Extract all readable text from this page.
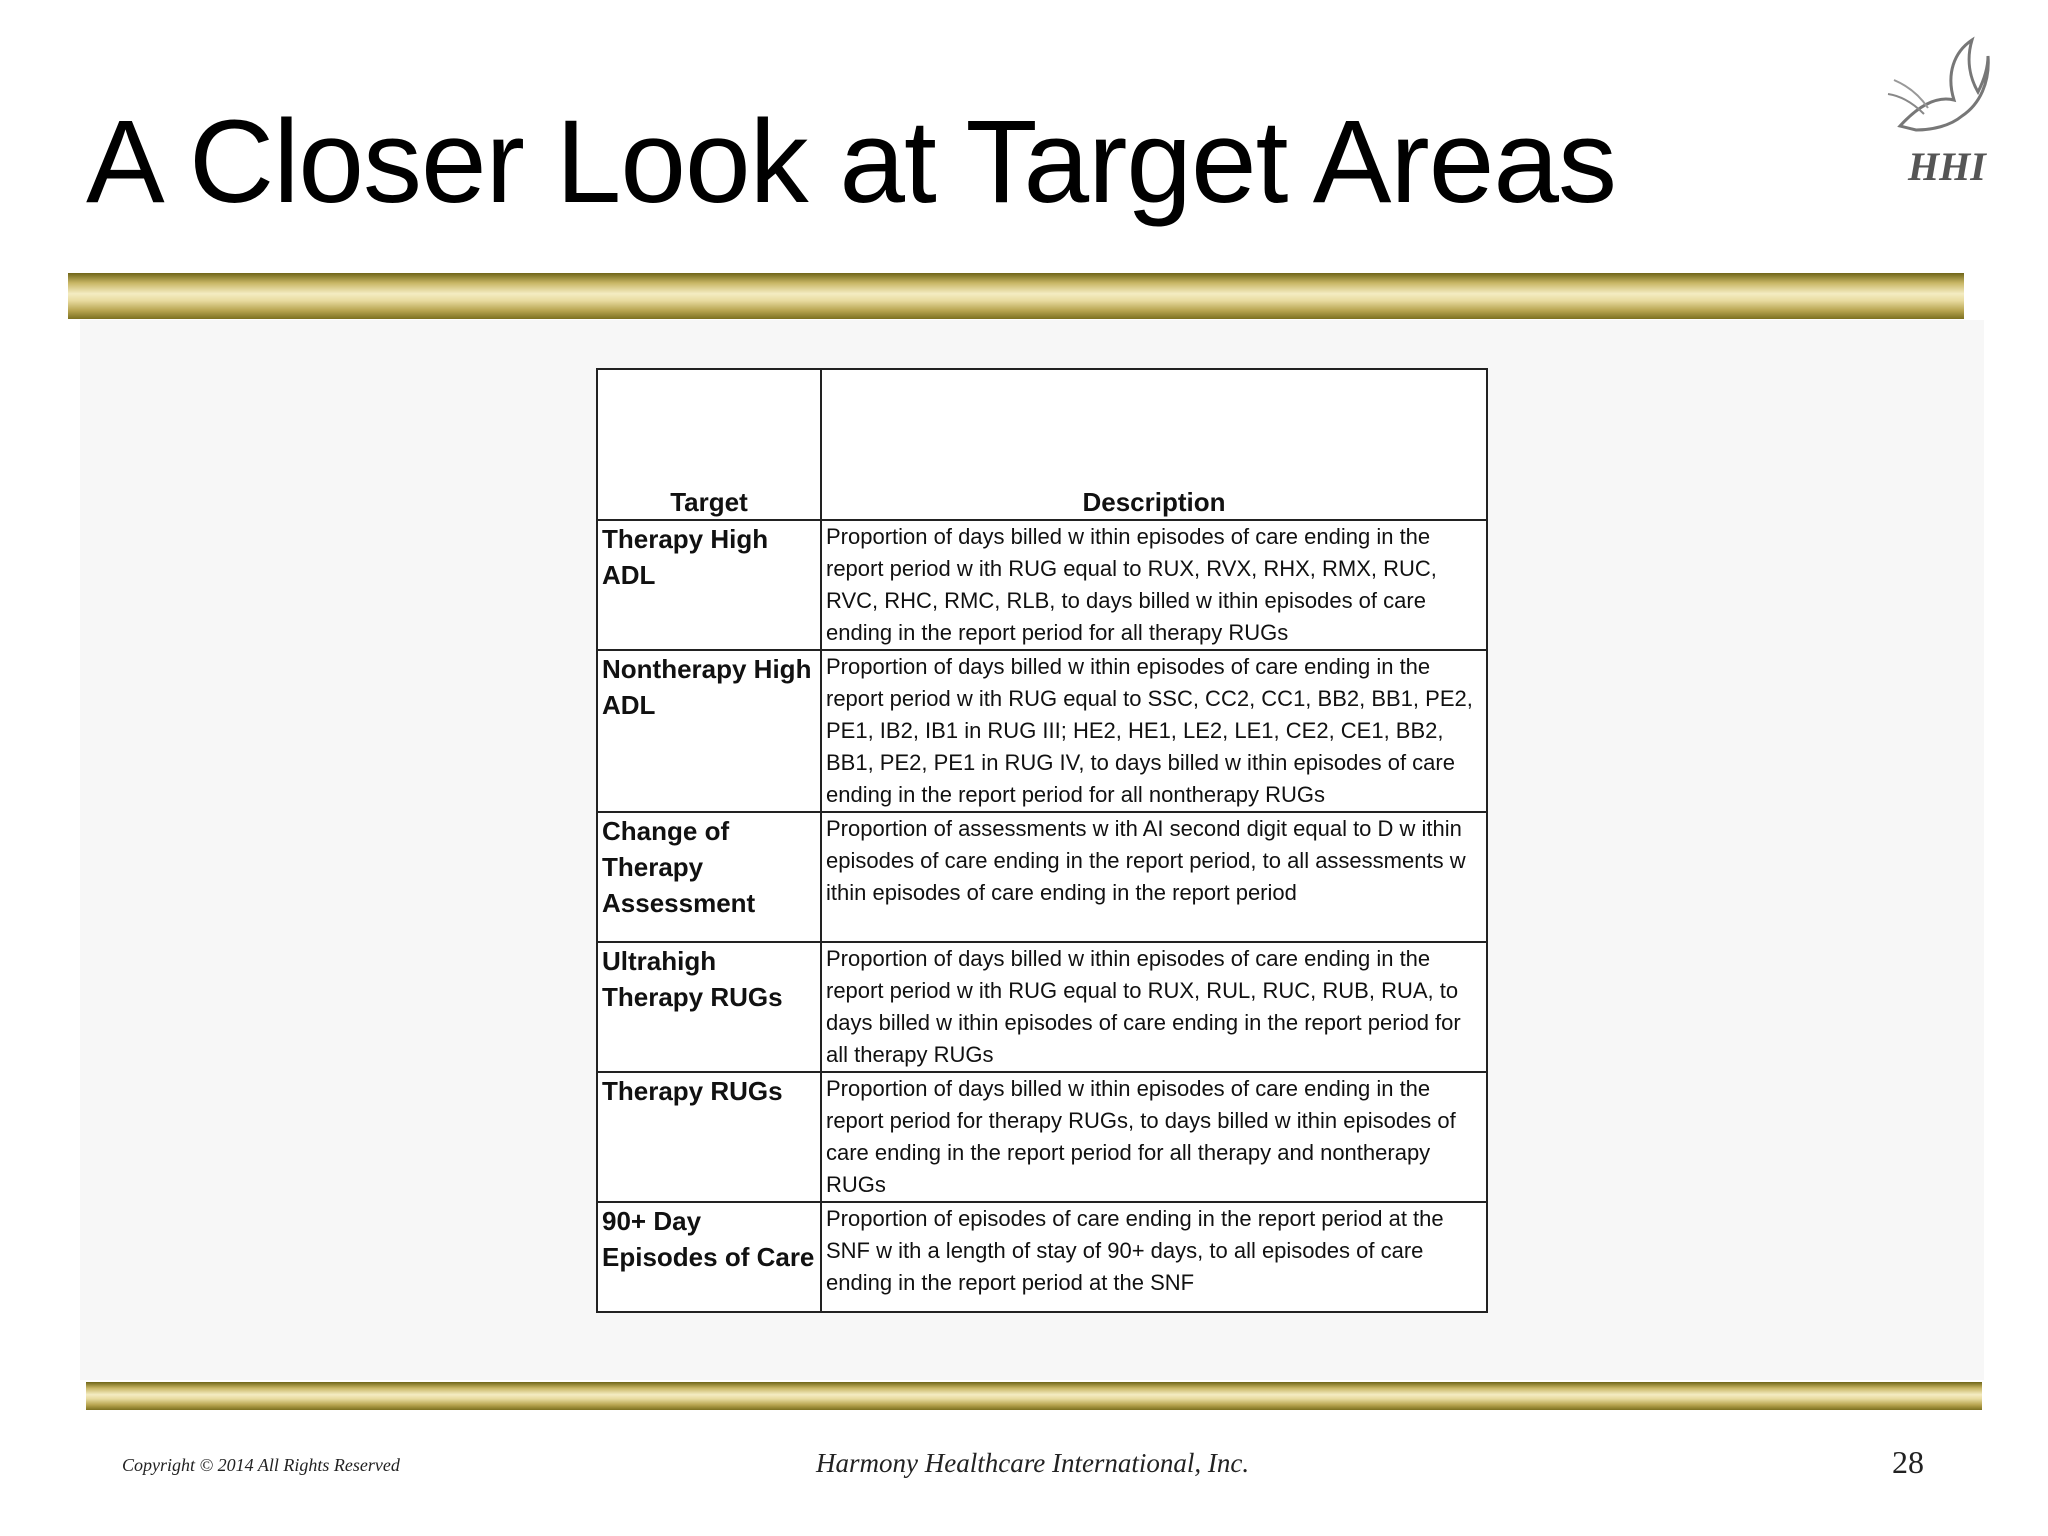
A Closer Look at Target Areas	HHI
Target	Description
Therapy High ADL	Proportion of days billed w ithin episodes of care ending in the report period w ith RUG equal to RUX, RVX, RHX, RMX, RUC, RVC, RHC, RMC, RLB, to days billed w ithin episodes of care ending in the report period for all therapy RUGs
Nontherapy High ADL	Proportion of days billed w ithin episodes of care ending in the report period w ith RUG equal to SSC, CC2, CC1, BB2, BB1, PE2, PE1, IB2, IB1 in RUG III; HE2, HE1, LE2, LE1, CE2, CE1, BB2, BB1, PE2, PE1 in RUG IV, to days billed w ithin episodes of care ending in the report period for all nontherapy RUGs
Change of Therapy Assessment	Proportion of assessments w ith AI second digit equal to D w ithin episodes of care ending in the report period, to all assessments w ithin episodes of care ending in the report period
Ultrahigh Therapy RUGs	Proportion of days billed w ithin episodes of care ending in the report period w ith RUG equal to RUX, RUL, RUC, RUB, RUA, to days billed w ithin episodes of care ending in the report period for all therapy RUGs
Therapy RUGs	Proportion of days billed w ithin episodes of care ending in the report period for therapy RUGs, to days billed w ithin episodes of care ending in the report period for all therapy and nontherapy RUGs
90+ Day Episodes of Care	Proportion of episodes of care ending in the report period at the SNF w ith a length of stay of 90+ days, to all episodes of care ending in the report period at the SNF
Copyright © 2014 All Rights Reserved	Harmony Healthcare International, Inc.	28
